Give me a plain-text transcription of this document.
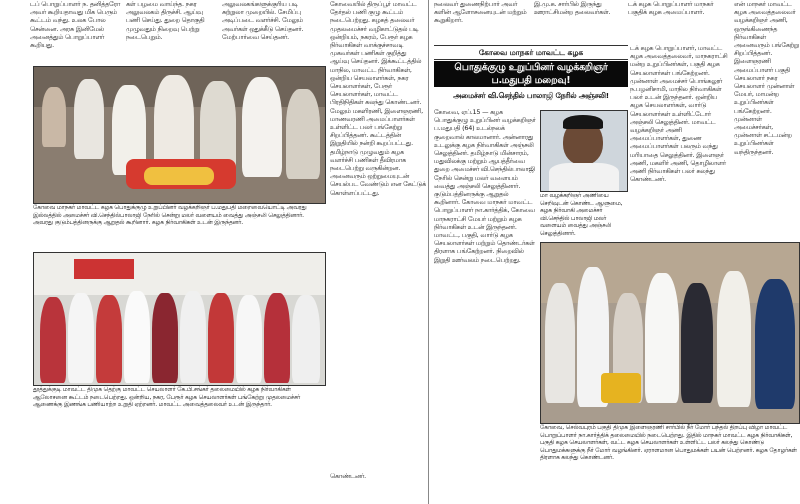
டப் பொறுப்பாளர் ந. தனித்தரோ அவர் கூறியதாவது மிக பெரும் கூட்டம் வந்து. உலக போல சென்னை. அரசு இனிமேல் அனைத்தும் பொறுப்பாளர் கூறியது.
கள் பழமை வாய்ந்த. நகர அலுவலகம் திருச்சி. ஆய்வு பணி செய்து. துறை தொகுதி முழுவதும் நிறைவு பெற்று நடைபெறும்.
அலுவலகங்களுக்குரிய படி சுற்றுலா முறையில். சேமிப்பு அடிப்படை வளர்ச்சி. மேலும் அவர்கள் ஒதுக்கீடு செய்தனர். மேற்பார்வை செய்தனர்.
கோவை மாநகர் மாவட்ட கழக பொதுக்குழு உறுப்பினர் வழக்கறிஞர் ப.மதுபதி மறைவையொட்டி அவரது இல்லத்தில் அமைச்சர் வி.செந்தில்பாலாஜி நேரில் சென்று மலர் வளையம் வைத்து அஞ்சலி செலுத்தினார். அவரது குடும்பத்தினருக்கு ஆறுதல் கூறினார். கழக நிர்வாகிகள் உடன் இருந்தனர்.
தூத்துக்குடி மாவட்ட திமுக தெற்கு மாவட்ட செயலாளர் கே.பி.சங்கர் தலைமையில் கழக நிர்வாகிகள் ஆலோசனை கூட்டம் நடைபெற்றது. ஒன்றிய, நகர, பேரூர் கழக செயலாளர்கள் பங்கேற்று முதலமைச்சர் ஆணைக்கு இணங்க பணியாற்ற உறுதி ஏற்றனர். மாவட்ட அவைத்தலைவர் உடன் இருந்தார்.
கோவையில் திருப்பூர் மாவட்ட தேர்தல் பணி குழு கூட்டம் நடைபெற்றது. கழகத் தலைவர் முதலமைச்சர் வழிகாட்டுதல் படி ஒன்றியம், நகரம், பேரூர் கழக நிர்வாகிகள் வாக்குச்சாவடி முகவர்கள் பணிகள் குறித்து ஆய்வு செய்தனர். இக்கூட்டத்தில் மாநில, மாவட்ட நிர்வாகிகள், ஒன்றிய செயலாளர்கள், நகர செயலாளர்கள், பேரூர் செயலாளர்கள், மாவட்ட பிரதிநிதிகள் கலந்து கொண்டனர். மேலும் மகளிரணி, இளைஞரணி, மாணவரணி அமைப்பாளர்கள் உள்ளிட்ட பலர் பங்கேற்று சிறப்பித்தனர். கூட்டத்தின் இறுதியில் நன்றி கூறப்பட்டது. தமிழ்நாடு முழுவதும் கழக வளர்ச்சி பணிகள் தீவிரமாக நடைபெற்று வருகின்றன. அனைவரும் ஒற்றுமையுடன் செயல்பட வேண்டும் என கேட்டுக் கொள்ளப்பட்டது.
கொண்டனர்.
நலைவர் துணைநிற்பார் அவர் களின் ஆளோசனையுடன் மற்றும் கூறுகிறார்.
இ.மு.க. சார்பில் இருந்து ஊராட்சிமன்ற தலைவர்கள்.
டக் கழக பொறுப்பாளர் மாநகர் பகுதிக் கழக அமைப்பாளர்.
கோவை மாநகர் மாவட்ட கழக
பொதுக்குழு உறுப்பினர் வழக்கறிஞர் ப.மதுபதி மறைவு!
அமைச்சர் வி.செந்தில் பாலாஜி நேரில் அஞ்சலி!
கோவை, ஏப்.15 — கழக பொதுக்குழு உறுப்பினர் வழக்கறிஞர் ப.மதுபதி (64) உடல்நலக் குறைவால் காலமானார். அன்னாரது உடலுக்கு கழக நிர்வாகிகள் அஞ்சலி செலுத்தினர். தமிழ்நாடு மின்சாரம், மதுவிலக்கு மற்றும் ஆயத்தீர்வை துறை அமைச்சர் வி.செந்தில்பாலாஜி நேரில் சென்று மலர் வளையம் வைத்து அஞ்சலி செலுத்தினார். குடும்பத்தினருக்கு ஆறுதல் கூறினார். கோவை மாநகர் மாவட்ட பொறுப்பாளர் நா.கார்த்திக், கோவை மாநகராட்சி மேயர் மற்றும் கழக நிர்வாகிகள் உடன் இருந்தனர். மாவட்ட, பகுதி, வார்டு கழக செயலாளர்கள் மற்றும் தொண்டர்கள் திரளாக பங்கேற்றனர். நிறைவில் இறுதி ஊர்வலம் நடைபெற்றது.
மா வழக்கறிஞர் அணியை செறிவுடன் கொண்ட ஆளுமை, கழக நிர்வாகி அமைச்சர் வி.செந்தில் பாலாஜி மலர் வளையம் வைத்து அஞ்சலி செலுத்தினார்.
டக் கழக பொறுப்பாளர், மாவட்ட கழக அவைத்தலைவர், மாநகராட்சி மன்ற உறுப்பினர்கள், பகுதி கழக செயலாளர்கள் பங்கேற்றனர். முன்னாள் அமைச்சர் பொங்கலூர் ந.பழனிசாமி, மாநில நிர்வாகிகள் பலர் உடன் இருந்தனர். ஒன்றிய கழக செயலாளர்கள், வார்டு செயலாளர்கள் உள்ளிட்டோர் அஞ்சலி செலுத்தினர். மாவட்ட வழக்கறிஞர் அணி அமைப்பாளர்கள், துணை அமைப்பாளர்கள் பலரும் வந்து மரியாதை செலுத்தினர். இளைஞர் அணி, மகளிர் அணி, தொழிலாளர் அணி நிர்வாகிகள் பலர் கலந்து கொண்டனர்.
என் மாநகர் மாவட்ட கழக அவைத்தலைவர் வழக்கறிஞர் அணி, ஒருங்கிணைந்த நிர்வாகிகள் அனைவரும் பங்கேற்று சிறப்பித்தனர். இளைஞரணி அமைப்பாளர் பகுதி செயலாளர் நகர செயலாளர் முன்னாள் மேயர், மாமன்ற உறுப்பினர்கள் பங்கேற்றனர். முன்னாள் அமைச்சர்கள், முன்னாள் சட்டமன்ற உறுப்பினர்கள் வந்திருந்தனர்.
கோவை, செல்வபுரம் பகுதி திமுக இளைஞரணி சார்பில் நீர் மோர் பந்தல் திறப்பு விழா மாவட்ட பொறுப்பாளர் நா.கார்த்திக் தலைமையில் நடைபெற்றது. இதில் மாநகர் மாவட்ட கழக நிர்வாகிகள், பகுதி கழக செயலாளர்கள், வட்ட கழக செயலாளர்கள் உள்ளிட்ட பலர் கலந்து கொண்டு பொதுமக்களுக்கு நீர் மோர் வழங்கினர். ஏராளமான பொதுமக்கள் பயன் பெற்றனர். கழக தோழர்கள் திரளாக கலந்து கொண்டனர்.
